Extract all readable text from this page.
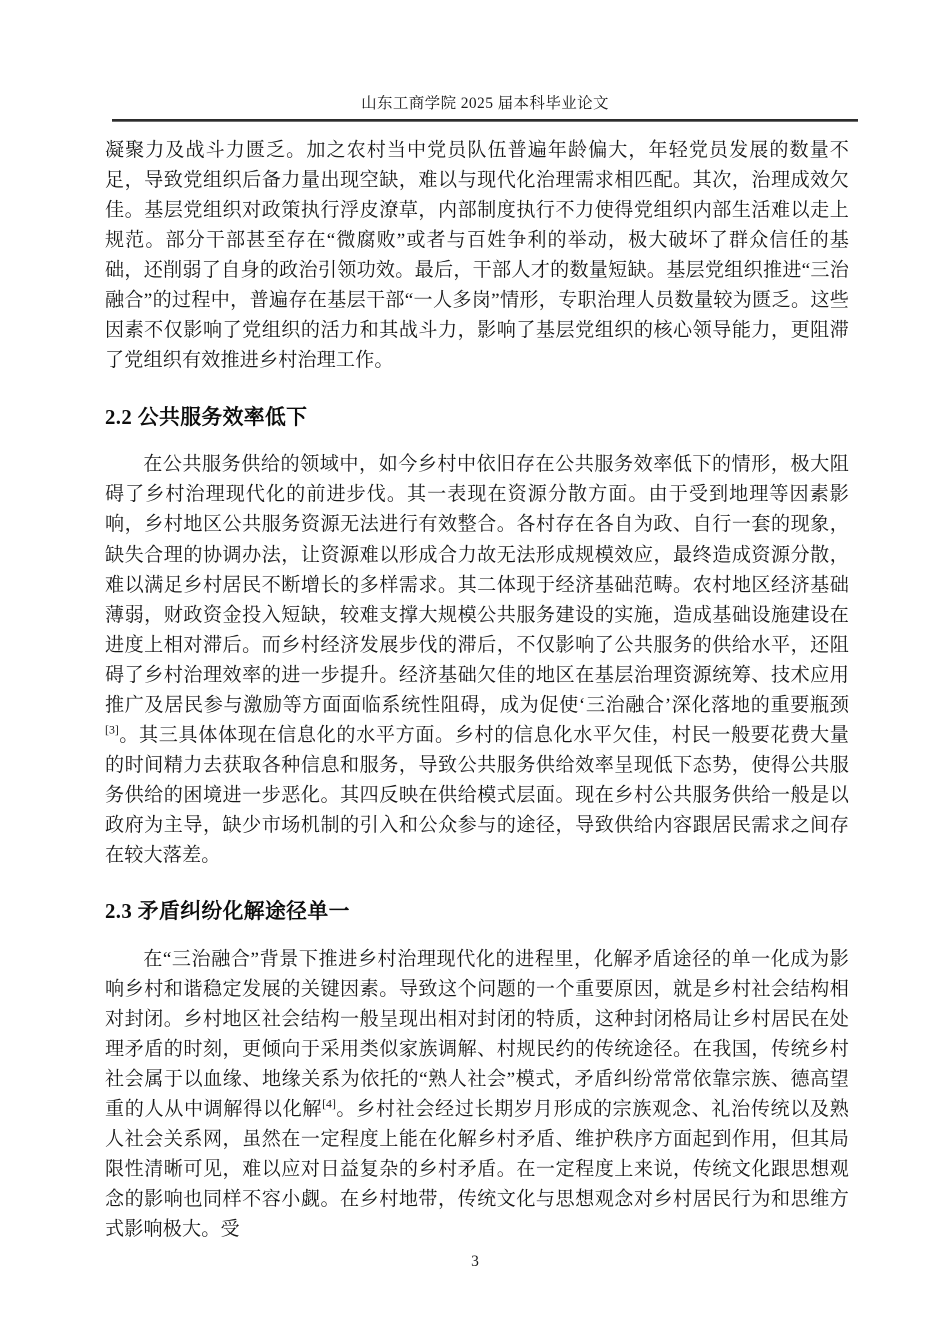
山东工商学院 2025 届本科毕业论文

凝聚力及战斗力匮乏。加之农村当中党员队伍普遍年龄偏大，年轻党员发展的数量不足，导致党组织后备力量出现空缺，难以与现代化治理需求相匹配。其次，治理成效欠佳。基层党组织对政策执行浮皮潦草，内部制度执行不力使得党组织内部生活难以走上规范。部分干部甚至存在“微腐败”或者与百姓争利的举动，极大破坏了群众信任的基础，还削弱了自身的政治引领功效。最后，干部人才的数量短缺。基层党组织推进“三治融合”的过程中，普遍存在基层干部“一人多岗”情形，专职治理人员数量较为匮乏。这些因素不仅影响了党组织的活力和其战斗力，影响了基层党组织的核心领导能力，更阻滞了党组织有效推进乡村治理工作。

2.2 公共服务效率低下

在公共服务供给的领域中，如今乡村中依旧存在公共服务效率低下的情形，极大阻碍了乡村治理现代化的前进步伐。其一表现在资源分散方面。由于受到地理等因素影响，乡村地区公共服务资源无法进行有效整合。各村存在各自为政、自行一套的现象，缺失合理的协调办法，让资源难以形成合力故无法形成规模效应，最终造成资源分散，难以满足乡村居民不断增长的多样需求。其二体现于经济基础范畴。农村地区经济基础薄弱，财政资金投入短缺，较难支撑大规模公共服务建设的实施，造成基础设施建设在进度上相对滞后。而乡村经济发展步伐的滞后，不仅影响了公共服务的供给水平，还阻碍了乡村治理效率的进一步提升。经济基础欠佳的地区在基层治理资源统筹、技术应用推广及居民参与激励等方面面临系统性阻碍，成为促使‘三治融合’深化落地的重要瓶颈[3]。其三具体体现在信息化的水平方面。乡村的信息化水平欠佳，村民一般要花费大量的时间精力去获取各种信息和服务，导致公共服务供给效率呈现低下态势，使得公共服务供给的困境进一步恶化。其四反映在供给模式层面。现在乡村公共服务供给一般是以政府为主导，缺少市场机制的引入和公众参与的途径，导致供给内容跟居民需求之间存在较大落差。

2.3 矛盾纠纷化解途径单一

在“三治融合”背景下推进乡村治理现代化的进程里，化解矛盾途径的单一化成为影响乡村和谐稳定发展的关键因素。导致这个问题的一个重要原因，就是乡村社会结构相对封闭。乡村地区社会结构一般呈现出相对封闭的特质，这种封闭格局让乡村居民在处理矛盾的时刻，更倾向于采用类似家族调解、村规民约的传统途径。在我国，传统乡村社会属于以血缘、地缘关系为依托的“熟人社会”模式，矛盾纠纷常常依靠宗族、德高望重的人从中调解得以化解[4]。乡村社会经过长期岁月形成的宗族观念、礼治传统以及熟人社会关系网，虽然在一定程度上能在化解乡村矛盾、维护秩序方面起到作用，但其局限性清晰可见，难以应对日益复杂的乡村矛盾。在一定程度上来说，传统文化跟思想观念的影响也同样不容小觑。在乡村地带，传统文化与思想观念对乡村居民行为和思维方式影响极大。受

3
